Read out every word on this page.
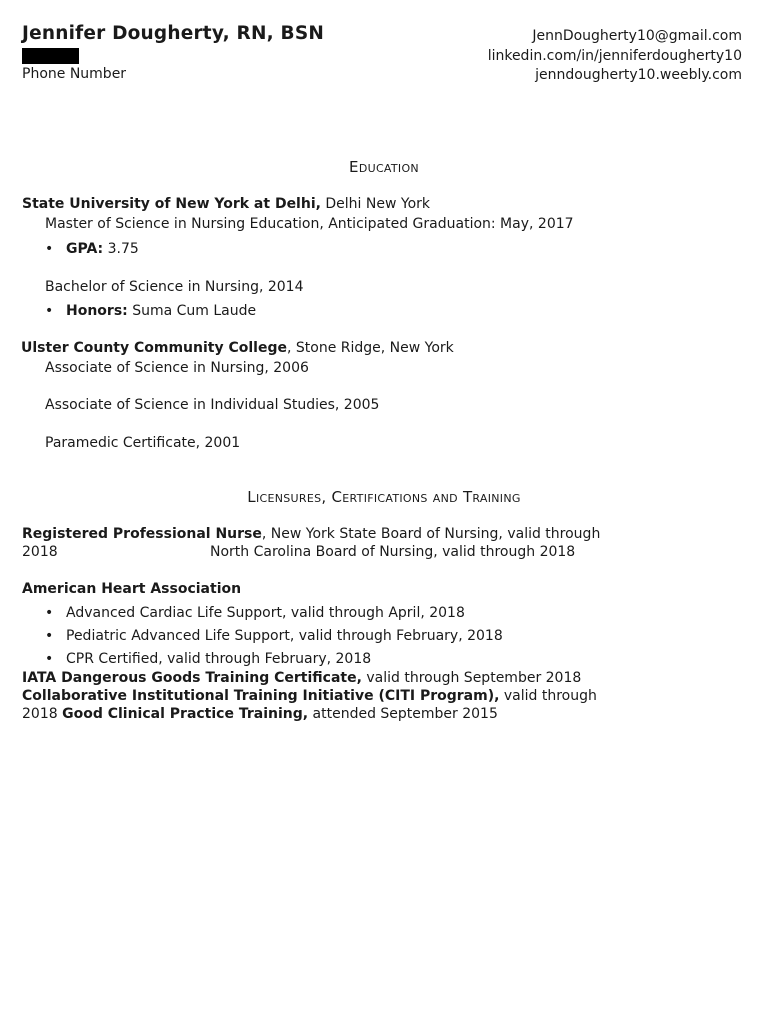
Jennifer Dougherty, RN, BSN
Phone Number
JennDougherty10@gmail.com
linkedin.com/in/jenniferdougherty10
jenndougherty10.weebly.com
Education
State University of New York at Delhi, Delhi New York
Master of Science in Nursing Education, Anticipated Graduation: May, 2017
•GPA: 3.75
Bachelor of Science in Nursing, 2014
•Honors: Suma Cum Laude
Ulster County Community College, Stone Ridge, New York
Associate of Science in Nursing, 2006
Associate of Science in Individual Studies, 2005
Paramedic Certificate, 2001
Licensures, Certifications and Training
Registered Professional Nurse, New York State Board of Nursing, valid through
2018	North Carolina Board of Nursing, valid through 2018
American Heart Association
•Advanced Cardiac Life Support, valid through April, 2018
•Pediatric Advanced Life Support, valid through February, 2018
•CPR Certified, valid through February, 2018
IATA Dangerous Goods Training Certificate, valid through September 2018
Collaborative Institutional Training Initiative (CITI Program), valid through
2018 Good Clinical Practice Training, attended September 2015
